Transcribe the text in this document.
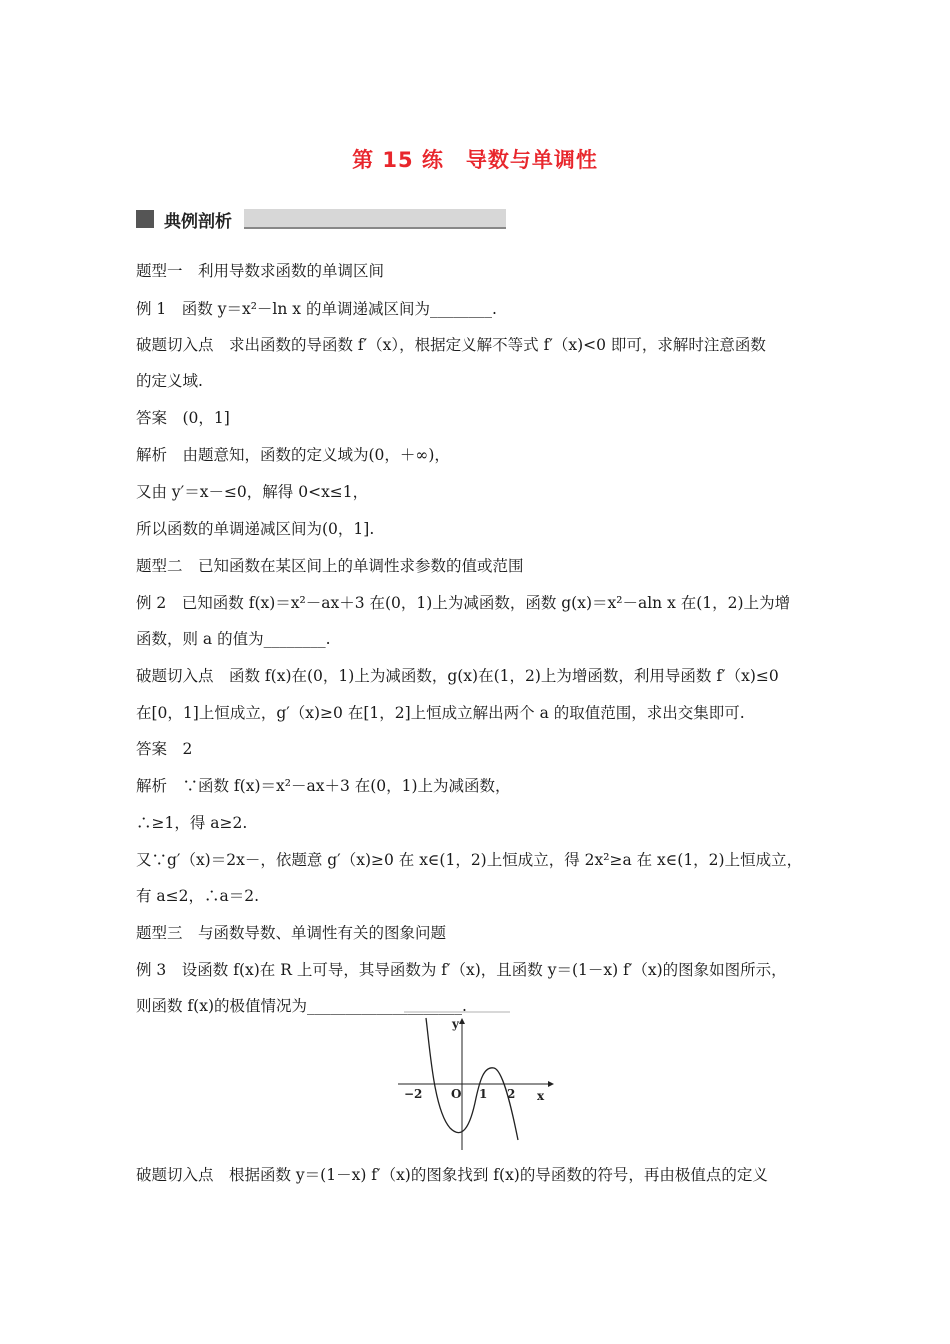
第 15 练　导数与单调性
典例剖析
题型一　利用导数求函数的单调区间
例 1　函数 y＝x²－ln x 的单调递减区间为________.
破题切入点　求出函数的导函数 f′（x），根据定义解不等式 f′（x)<0 即可，求解时注意函数
的定义域.
答案　(0，1]
解析　由题意知，函数的定义域为(0，＋∞)，
又由 y′＝x－≤0，解得 0<x≤1，
所以函数的单调递减区间为(0，1].
题型二　已知函数在某区间上的单调性求参数的值或范围
例 2　已知函数 f(x)＝x²－ax＋3 在(0，1)上为减函数，函数 g(x)＝x²－aln x 在(1，2)上为增
函数，则 a 的值为________.
破题切入点　函数 f(x)在(0，1)上为减函数，g(x)在(1，2)上为增函数，利用导函数 f′（x)≤0
在[0，1]上恒成立，g′（x)≥0 在[1，2]上恒成立解出两个 a 的取值范围，求出交集即可.
答案　2
解析　∵函数 f(x)＝x²－ax＋3 在(0，1)上为减函数，
∴≥1，得 a≥2.
又∵g′（x)＝2x－，依题意 g′（x)≥0 在 x∈(1，2)上恒成立，得 2x²≥a 在 x∈(1，2)上恒成立，
有 a≤2，∴a＝2.
题型三　与函数导数、单调性有关的图象问题
例 3　设函数 f(x)在 R 上可导，其导函数为 f′（x)，且函数 y＝(1－x) f′（x)的图象如图所示，
则函数 f(x)的极值情况为____________________.
y
x
O
−2	1 2
破题切入点　根据函数 y＝(1－x) f′（x)的图象找到 f(x)的导函数的符号，再由极值点的定义
